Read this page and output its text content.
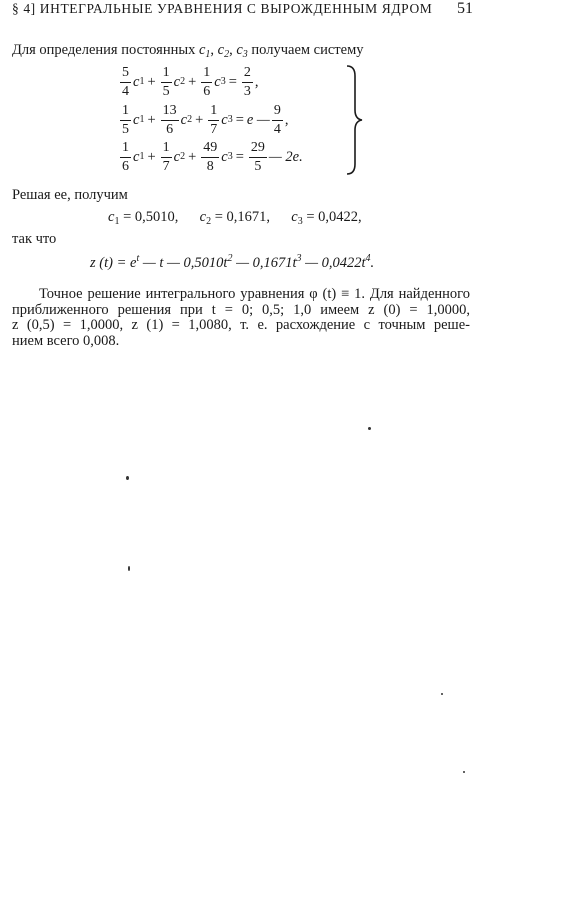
§ 4] ИНТЕГРАЛЬНЫЕ УРАВНЕНИЯ С ВЫРОЖДЕННЫМ ЯДРОМ 51
Для определения постоянных $c_1$, $c_2$, $c_3$ получаем систему
$\frac{5}{4}$ c $1 + \frac{1}{5}$ c $2 + \frac{1}{6}$ c $3 = \frac{2}{3}$ ,
$\frac{1}{5}$ c $1 + \frac{13}{6}$ c $2 + \frac{1}{7}$ c 3 = e — $\frac{9}{4}$ ,
$\frac{1}{6}$ c $1 + \frac{1}{7}$ c $2 + \frac{49}{8}$ c $3 = \frac{29}{5}$ — 2e.
Решая ее, получим
$c_1 = 0,5010$, $c_2 = 0,1671$, $c_3 = 0,0422$,
так что
z $(t) = e^t$ — t — $0,5010t^2$ — $0,1671t^3$ — $0,0422t^4$.
Точное решение интегрального уравнения φ (t) ≡ 1. Для найденного
приближенного решения при t = 0; 0,5; 1,0 имеем z (0) = 1,0000,
z (0,5) = 1,0000, z (1) = 1,0080, т. е. расхождение с точным реше-
нием всего 0,008.
